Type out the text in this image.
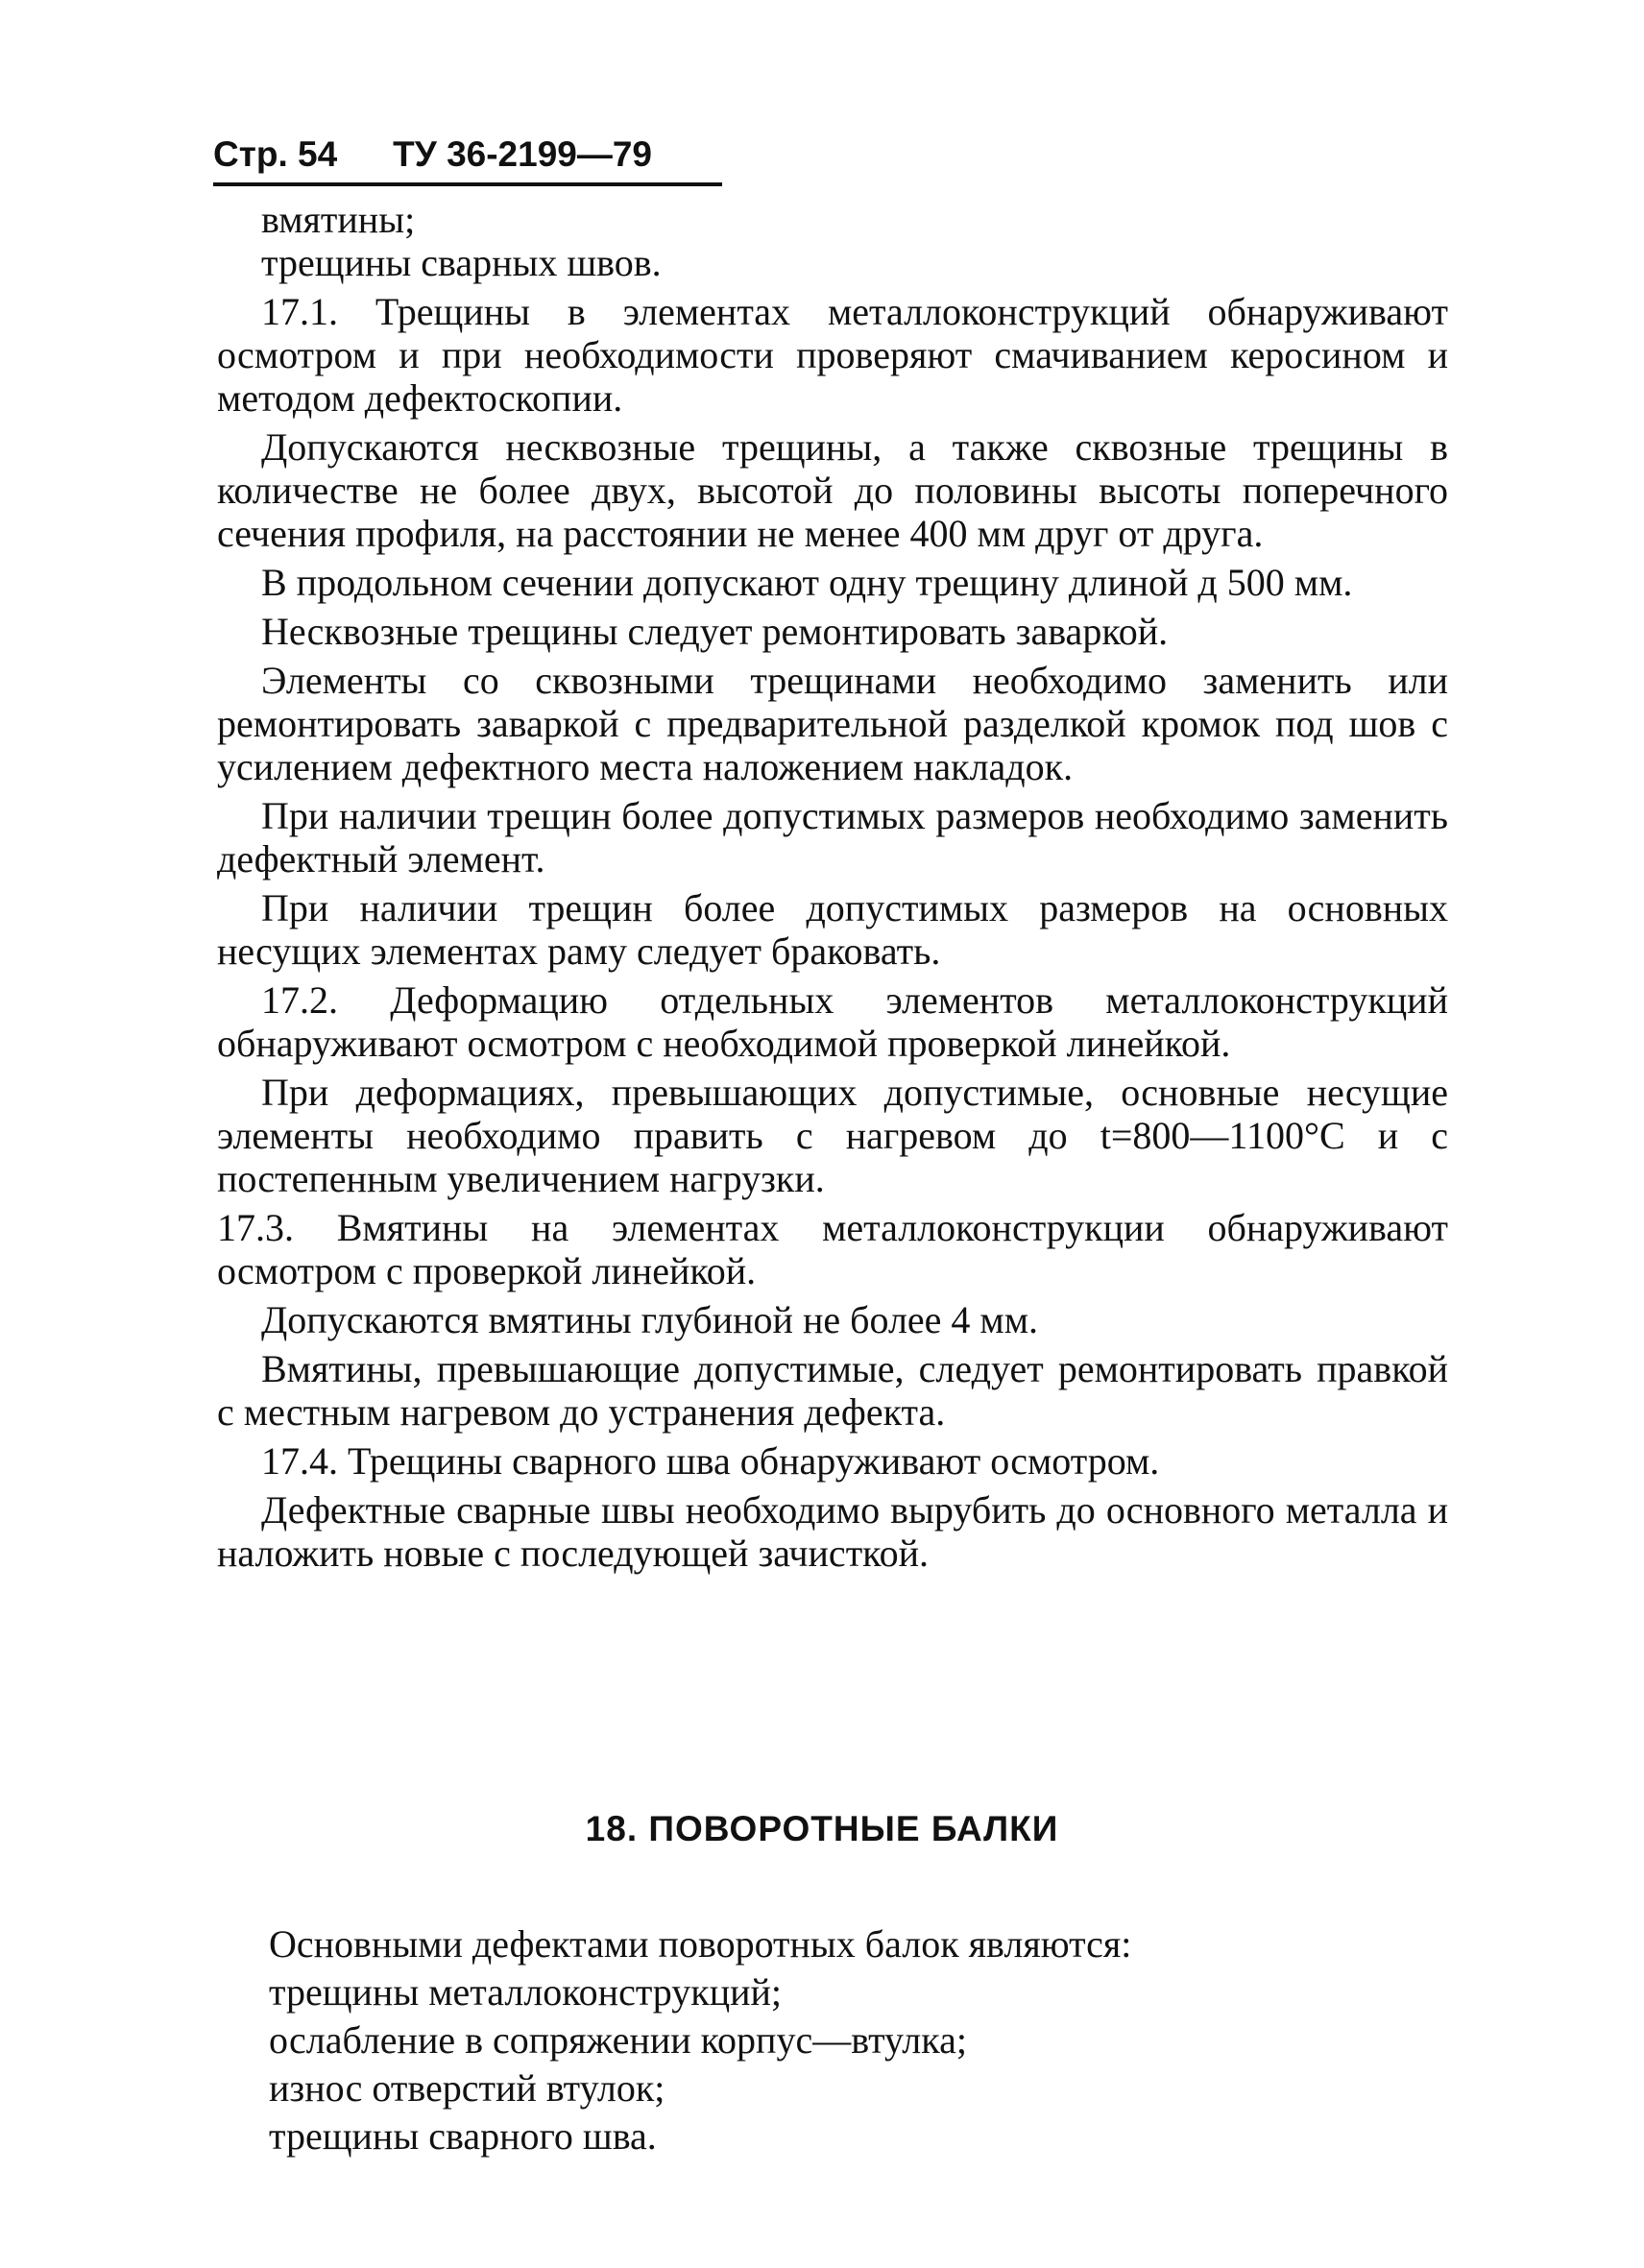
Стр. 54 ТУ 36-2199—79

вмятины;

трещины сварных швов.

17.1. Трещины в элементах металлоконструкций обнаруживают осмотром и при необходимости проверяют смачиванием керосином и методом дефектоскопии.

Допускаются несквозные трещины, а также сквозные трещины в количестве не более двух, высотой до половины высоты поперечного сечения профиля, на расстоянии не менее 400 мм друг от друга.

В продольном сечении допускают одну трещину длиной д 500 мм.

Несквозные трещины следует ремонтировать заваркой.

Элементы со сквозными трещинами необходимо заменить или ремонтировать заваркой с предварительной разделкой кромок под шов с усилением дефектного места наложением накладок.

При наличии трещин более допустимых размеров необходимо заменить дефектный элемент.

При наличии трещин более допустимых размеров на основных несущих элементах раму следует браковать.

17.2. Деформацию отдельных элементов металлоконструкций обнаруживают осмотром с необходимой проверкой линейкой.

При деформациях, превышающих допустимые, основные несущие элементы необходимо править с нагревом до t=800—1100°С и с постепенным увеличением нагрузки.

17.3. Вмятины на элементах металлоконструкции обнаруживают осмотром с проверкой линейкой.

Допускаются вмятины глубиной не более 4 мм.

Вмятины, превышающие допустимые, следует ремонтировать правкой с местным нагревом до устранения дефекта.

17.4. Трещины сварного шва обнаруживают осмотром.

Дефектные сварные швы необходимо вырубить до основного металла и наложить новые с последующей зачисткой.

18. ПОВОРОТНЫЕ БАЛКИ

Основными дефектами поворотных балок являются:

трещины металлоконструкций;

ослабление в сопряжении корпус—втулка;

износ отверстий втулок;

трещины сварного шва.
